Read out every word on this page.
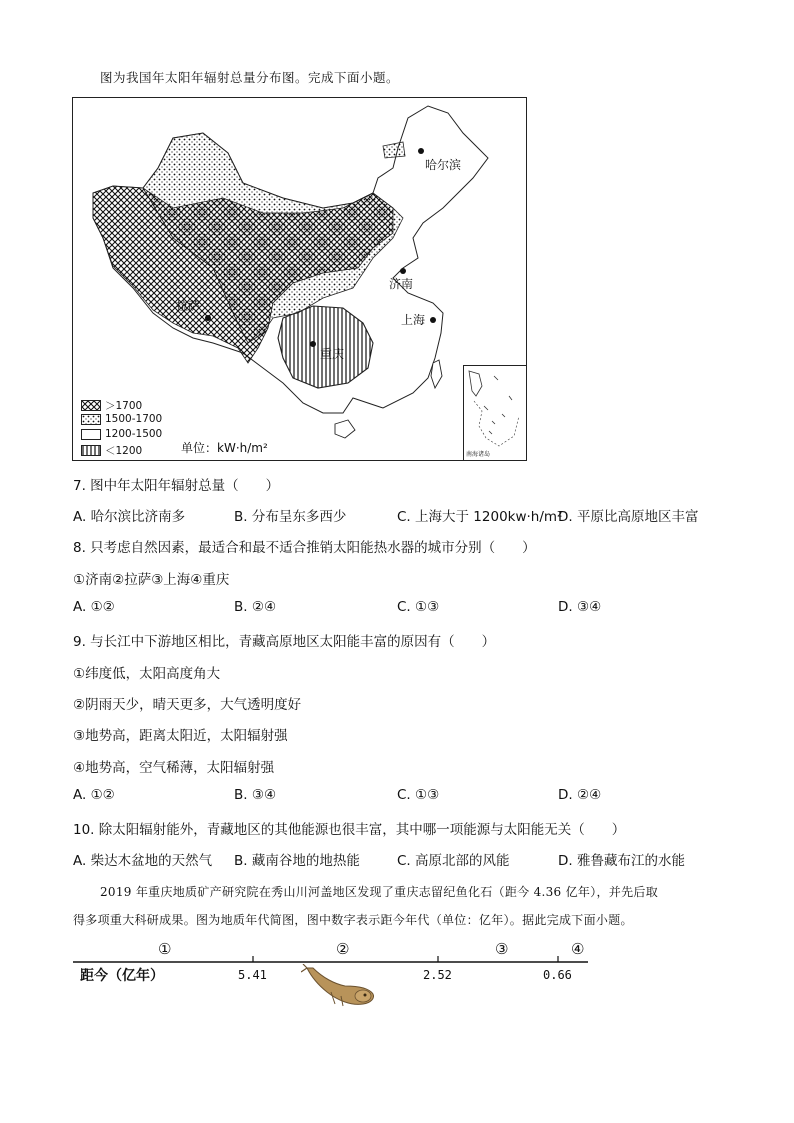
图为我国年太阳年辐射总量分布图。完成下面小题。
哈尔滨
济南
拉萨
上海
重庆
＞1700
1500-1700
1200-1500
＜1200	单位：kW·h/m²	南海诸岛
7. 图中年太阳年辐射总量（　　）
A. 哈尔滨比济南多	B. 分布呈东多西少	C. 上海大于 1200kw·h/m²
D. 平原比高原地区丰富
8. 只考虑自然因素，最适合和最不适合推销太阳能热水器的城市分别（　　）
①济南②拉萨③上海④重庆
A. ①②	B. ②④	C. ①③	D. ③④
9. 与长江中下游地区相比，青藏高原地区太阳能丰富的原因有（　　）
①纬度低，太阳高度角大
②阴雨天少，晴天更多，大气透明度好
③地势高，距离太阳近，太阳辐射强
④地势高，空气稀薄，太阳辐射强
A. ①②	B. ③④	C. ①③	D. ②④
10. 除太阳辐射能外，青藏地区的其他能源也很丰富，其中哪一项能源与太阳能无关（　　）
A. 柴达木盆地的天然气 B. 藏南谷地的地热能	C. 高原北部的风能	D. 雅鲁藏布江的水能
2019 年重庆地质矿产研究院在秀山川河盖地区发现了重庆志留纪鱼化石（距今 4.36 亿年），并先后取
得多项重大科研成果。图为地质年代简图，图中数字表示距今年代（单位：亿年）。据此完成下面小题。
①	②	③	④
距今（亿年）	5.41	2.52	0.66
